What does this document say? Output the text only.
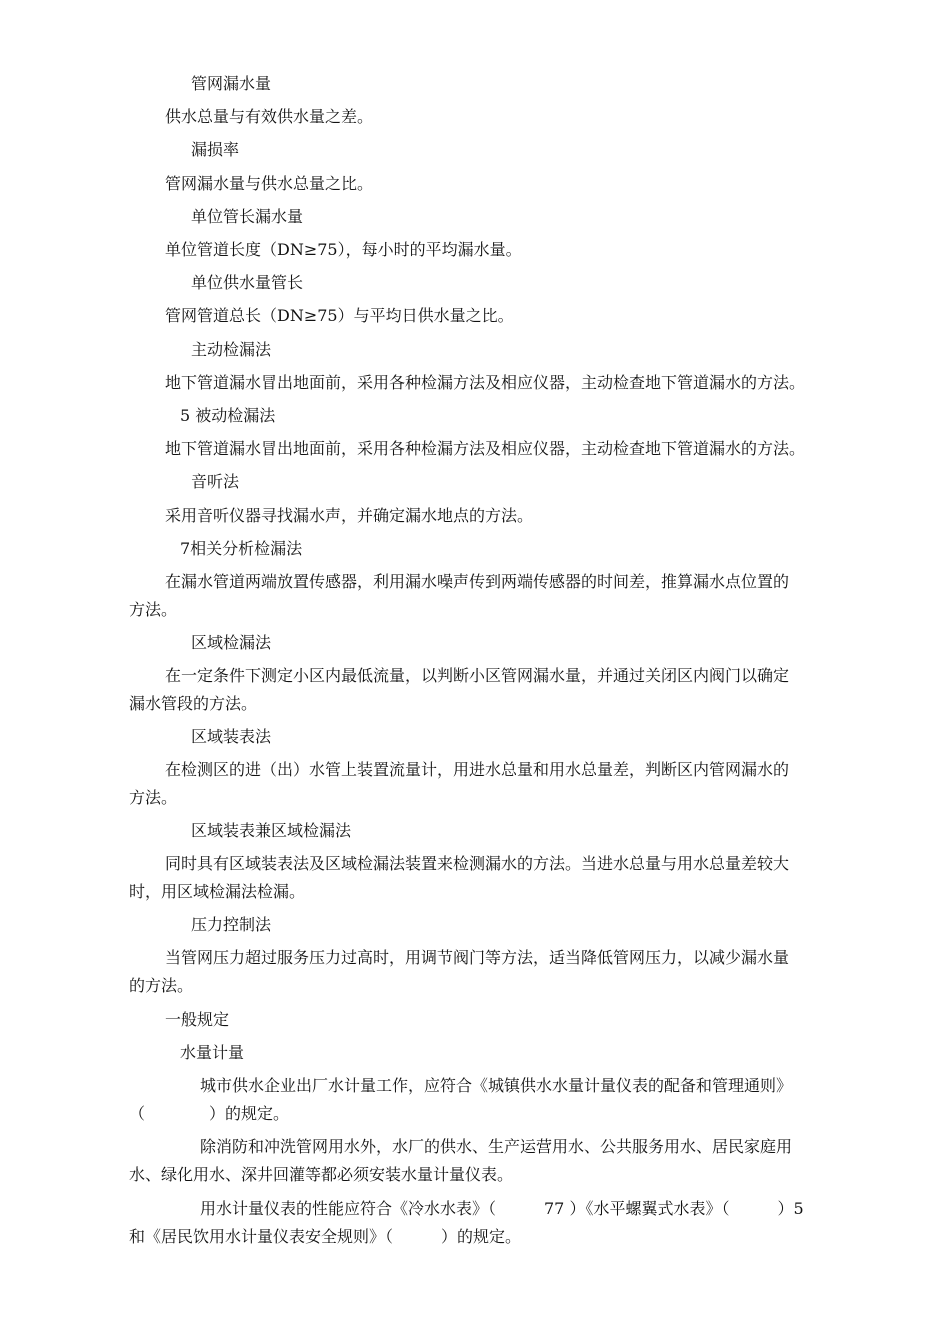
管网漏水量
供水总量与有效供水量之差。
漏损率
管网漏水量与供水总量之比。
单位管长漏水量
单位管道长度（DN≥75），每小时的平均漏水量。
单位供水量管长
管网管道总长（DN≥75）与平均日供水量之比。
主动检漏法
地下管道漏水冒出地面前，采用各种检漏方法及相应仪器，主动检查地下管道漏水的方法。
5 被动检漏法
地下管道漏水冒出地面前，采用各种检漏方法及相应仪器，主动检查地下管道漏水的方法。
音听法
采用音听仪器寻找漏水声，并确定漏水地点的方法。
7相关分析检漏法
在漏水管道两端放置传感器，利用漏水噪声传到两端传感器的时间差，推算漏水点位置的
方法。
区域检漏法
在一定条件下测定小区内最低流量，以判断小区管网漏水量，并通过关闭区内阀门以确定
漏水管段的方法。
区域装表法
在检测区的进（出）水管上装置流量计，用进水总量和用水总量差，判断区内管网漏水的
方法。
区域装表兼区域检漏法
同时具有区域装表法及区域检漏法装置来检测漏水的方法。当进水总量与用水总量差较大
时，用区域检漏法检漏。
压力控制法
当管网压力超过服务压力过高时，用调节阀门等方法，适当降低管网压力，以减少漏水量
的方法。
一般规定
水量计量
城市供水企业出厂水计量工作，应符合《城镇供水水量计量仪表的配备和管理通则》
（　　　　）的规定。
除消防和冲洗管网用水外，水厂的供水、生产运营用水、公共服务用水、居民家庭用
水、绿化用水、深井回灌等都必须安装水量计量仪表。
用水计量仪表的性能应符合《冷水水表》（　　　77 ）《水平螺翼式水表》（　　　）5
和《居民饮用水计量仪表安全规则》（　　　）的规定。
